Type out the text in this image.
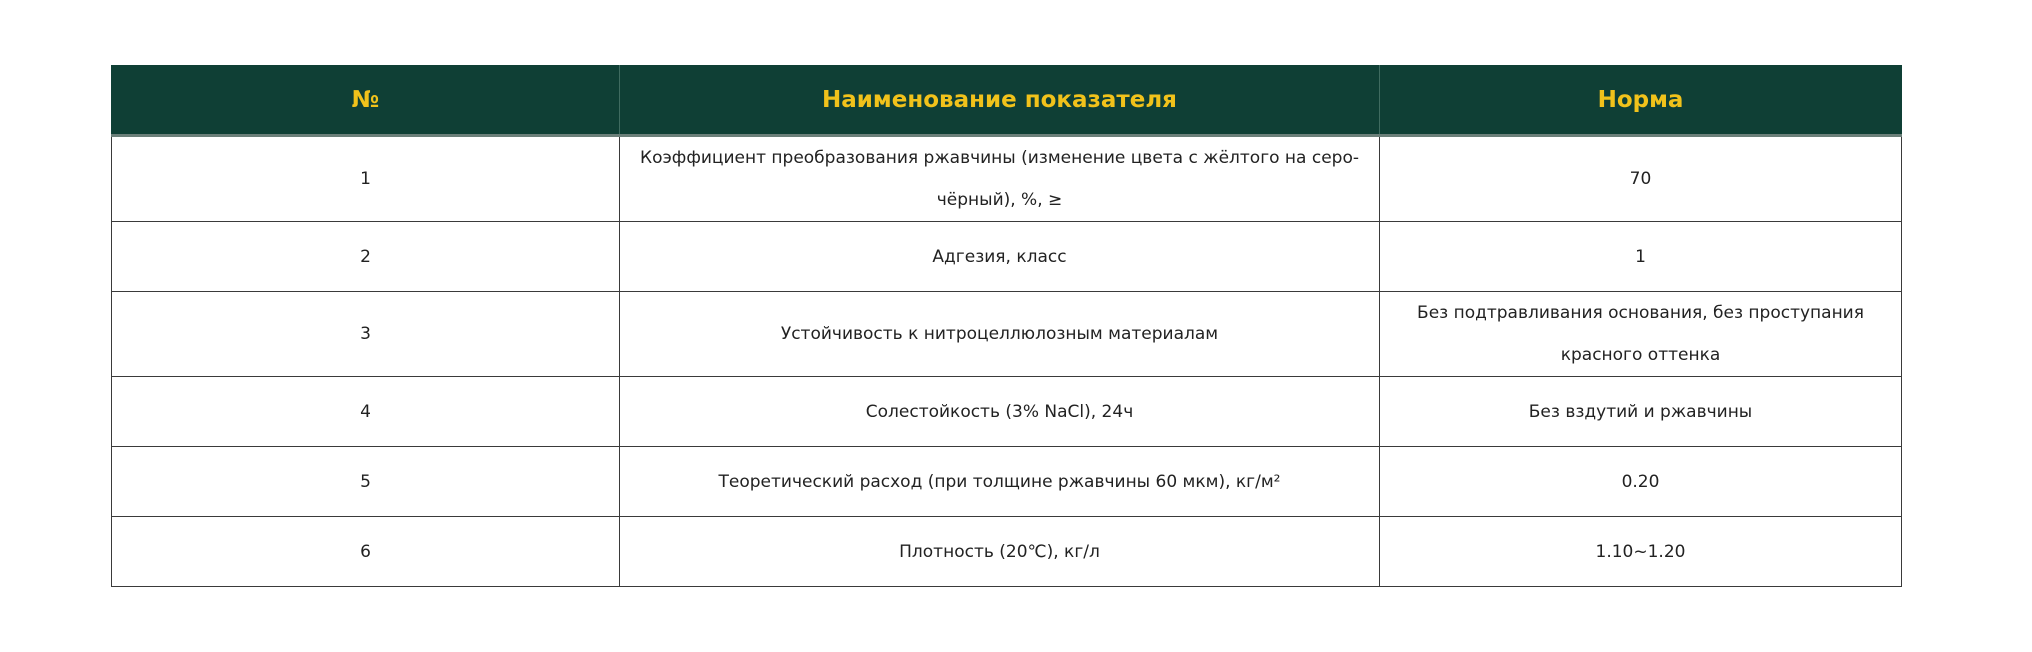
№	Наименование показателя	Норма
1	Коэффициент преобразования ржавчины (изменение цвета с жёлтого на серо-чёрный), %, ≥	70
2	Адгезия, класс	1
3	Устойчивость к нитроцеллюлозным материалам	Без подтравливания основания, без проступания красного оттенка
4	Солестойкость (3% NaCl), 24ч	Без вздутий и ржавчины
5	Теоретический расход (при толщине ржавчины 60 мкм), кг/м²	0.20
6	Плотность (20℃), кг/л	1.10~1.20
